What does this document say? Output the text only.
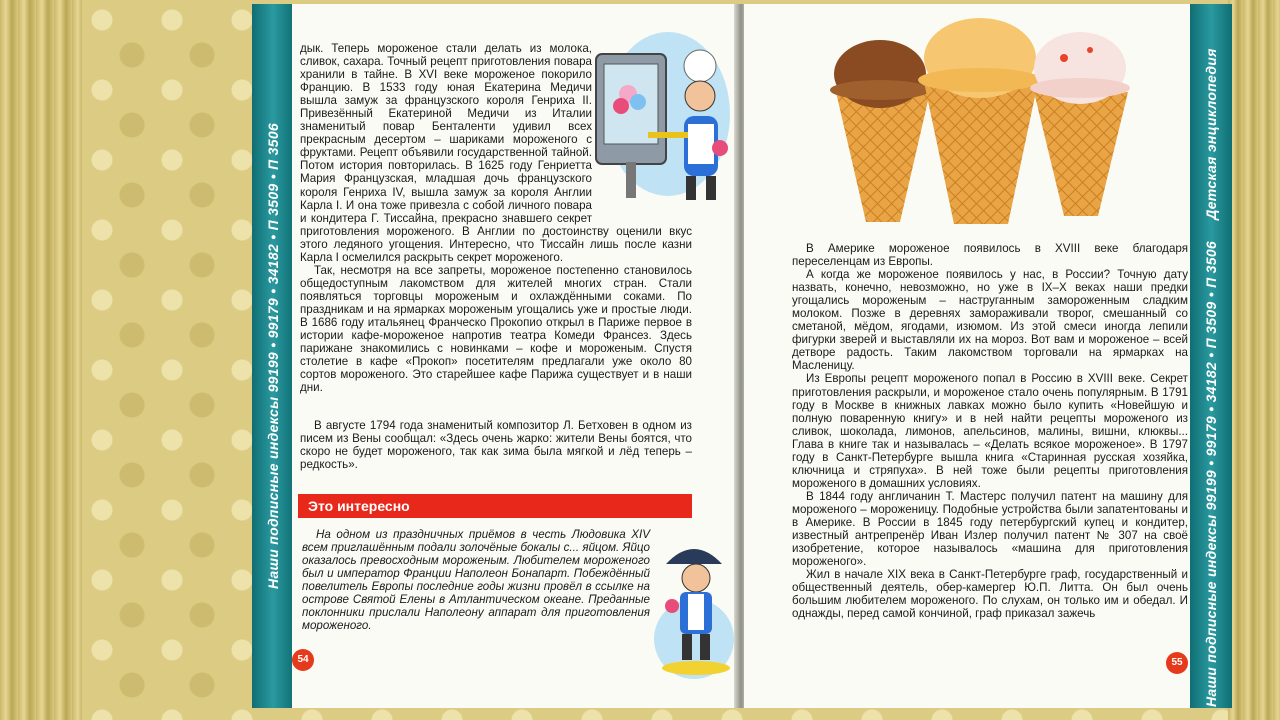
Наши подписные индексы 99199 • 99179 • 34182 • П 3509 • П 3506

дык. Теперь мороженое стали делать из молока, сливок, сахара. Точный рецепт приготовления повара хранили в тайне. В XVI веке мороженое покорило Францию. В 1533 году юная Екатерина Медичи вышла замуж за французского короля Генриха II. Привезённый Екатериной Медичи из Италии знаменитый повар Бенталенти удивил всех прекрасным десертом – шариками мороженого с фруктами. Рецепт объявили государственной тайной. Потом история повторилась. В 1625 году Генриетта Мария Французская, младшая дочь французского короля Генриха IV, вышла замуж за короля Англии Карла I. И она тоже привезла с собой личного повара и кондитера Г. Тиссайна, прекрасно знавшего секрет приготовления мороженого. В Англии по достоинству оценили вкус этого ледяного угощения. Интересно, что Тиссайн лишь после казни Карла I осмелился раскрыть секрет мороженого.

Так, несмотря на все запреты, мороженое постепенно становилось общедоступным лакомством для жителей многих стран. Стали появляться торговцы мороженым и охлаждёнными соками. По праздникам и на ярмарках мороженым угощались уже и простые люди. В 1686 году итальянец Франческо Прокопио открыл в Париже первое в истории кафе-мороженое напротив театра Комеди Франсез. Здесь парижане знакомились с новинками – кофе и мороженым. Спустя столетие в кафе «Прокоп» посетителям предлагали уже около 80 сортов мороженого. Это старейшее кафе Парижа существует и в наши дни.

В августе 1794 года знаменитый композитор Л. Бетховен в одном из писем из Вены сообщал: «Здесь очень жарко: жители Вены боятся, что скоро не будет мороженого, так как зима была мягкой и лёд теперь – редкость».

Это интересно

На одном из праздничных приёмов в честь Людовика XIV всем приглашённым подали золочёные бокалы с... яйцом. Яйцо оказалось превосходным мороженым. Любителем мороженого был и император Франции Наполеон Бонапарт. Побеждённый повелитель Европы последние годы жизни провёл в ссылке на острове Святой Елены в Атлантическом океане. Преданные поклонники прислали Наполеону аппарат для приготовления мороженого.

54

В Америке мороженое появилось в XVIII веке благодаря переселенцам из Европы.

А когда же мороженое появилось у нас, в России? Точную дату назвать, конечно, невозможно, но уже в IX–X веках наши предки угощались мороженым – наструганным замороженным сладким молоком. Позже в деревнях замораживали творог, смешанный со сметаной, мёдом, ягодами, изюмом. Из этой смеси иногда лепили фигурки зверей и выставляли их на мороз. Вот вам и мороженое – всей детворе радость. Таким лакомством торговали на ярмарках на Масленицу.

Из Европы рецепт мороженого попал в Россию в XVIII веке. Секрет приготовления раскрыли, и мороженое стало очень популярным. В 1791 году в Москве в книжных лавках можно было купить «Новейшую и полную поваренную книгу» и в ней найти рецепты мороженого из сливок, шоколада, лимонов, апельсинов, малины, вишни, клюквы... Глава в книге так и называлась – «Делать всякое мороженое». В 1797 году в Санкт-Петербурге вышла книга «Старинная русская хозяйка, ключница и стряпуха». В ней тоже были рецепты приготовления мороженого в домашних условиях.

В 1844 году англичанин Т. Мастерс получил патент на машину для мороженого – мороженицу. Подобные устройства были запатентованы и в Америке. В России в 1845 году петербургский купец и кондитер, известный антрепренёр Иван Излер получил патент № 307 на своё изобретение, которое называлось «машина для приготовления мороженого».

Жил в начале XIX века в Санкт-Петербурге граф, государственный и общественный деятель, обер-камергер Ю.П. Литта. Он был очень большим любителем мороженого. По слухам, он только им и обедал. И однажды, перед самой кончиной, граф приказал зажечь

55
Детская энциклопедия
Наши подписные индексы 99199 • 99179 • 34182 • П 3509 • П 3506
